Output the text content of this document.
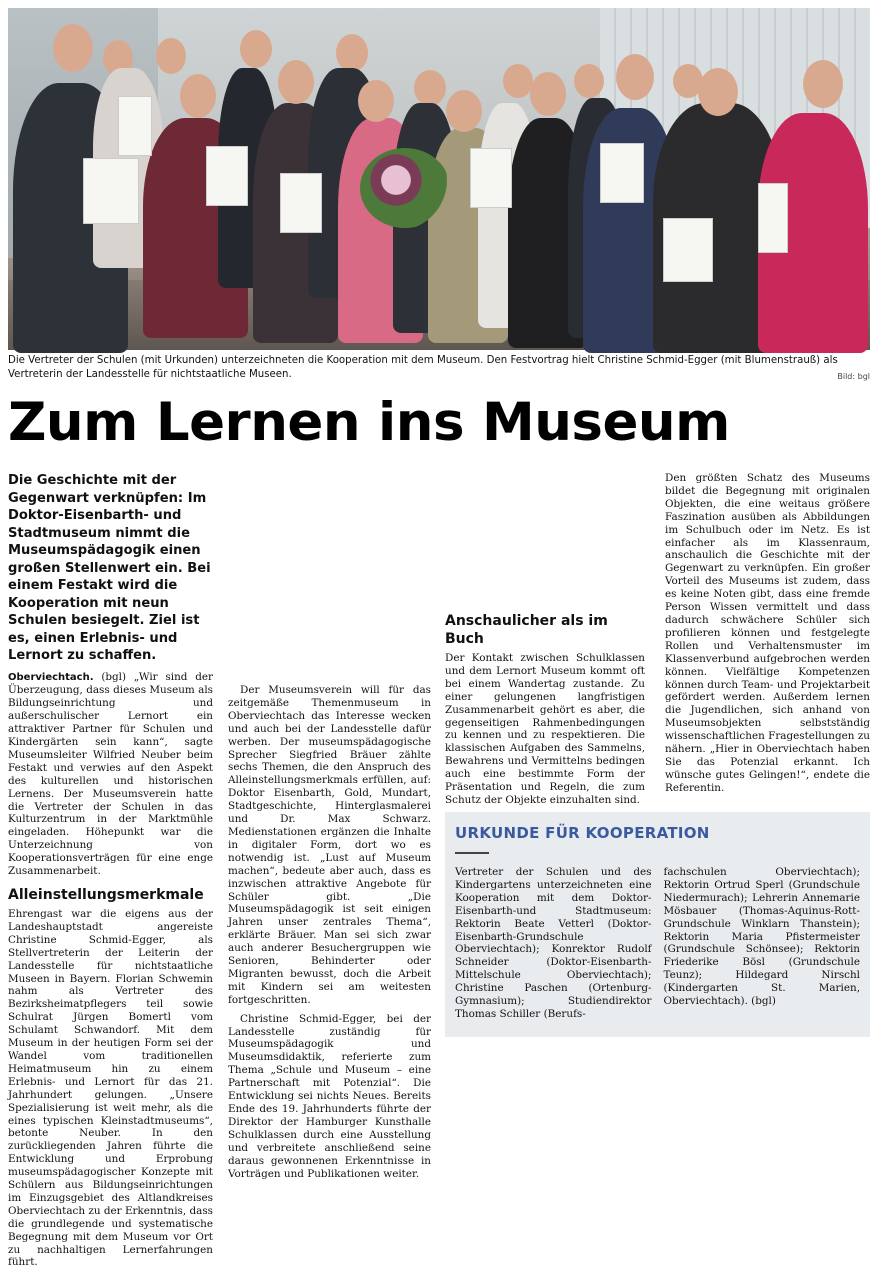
Die Vertreter der Schulen (mit Urkunden) unterzeichneten die Kooperation mit dem Museum. Den Festvortrag hielt Christine Schmid-Egger (mit Blumenstrauß) als Vertreterin der Landesstelle für nichtstaatliche Museen.	Bild: bgl
Zum Lernen ins Museum
Die Geschichte mit der Gegenwart verknüpfen: Im Doktor-Eisenbarth- und Stadtmuseum nimmt die Museumspädagogik einen großen Stellenwert ein. Bei einem Festakt wird die Kooperation mit neun Schulen besiegelt. Ziel ist es, einen Erlebnis- und Lernort zu schaffen.

Oberviechtach. (bgl) „Wir sind der Überzeugung, dass dieses Museum als Bildungseinrichtung und außerschulischer Lernort ein attraktiver Partner für Schulen und Kindergärten sein kann“, sagte Museumsleiter Wilfried Neuber beim Festakt und verwies auf den Aspekt des kulturellen und historischen Lernens. Der Museumsverein hatte die Vertreter der Schulen in das Kulturzentrum in der Marktmühle eingeladen. Höhepunkt war die Unterzeichnung von Kooperationsverträgen für eine enge Zusammenarbeit.

Alleinstellungsmerkmale

Ehrengast war die eigens aus der Landeshauptstadt angereiste Christine Schmid-Egger, als Stellvertreterin der Leiterin der Landesstelle für nichtstaatliche Museen in Bayern. Florian Schwemin nahm als Vertreter des Bezirksheimatpflegers teil sowie Schulrat Jürgen Bomertl vom Schulamt Schwandorf. Mit dem Museum in der heutigen Form sei der Wandel vom traditionellen Heimatmuseum hin zu einem Erlebnis- und Lernort für das 21. Jahrhundert gelungen. „Unsere Spezialisierung ist weit mehr, als die eines typischen Kleinstadtmuseums“, betonte Neuber. In den zurückliegenden Jahren führte die Entwicklung und Erprobung museumspädagogischer Konzepte mit Schülern aus Bildungseinrichtungen im Einzugsgebiet des Altlandkreises Oberviechtach zu der Erkenntnis, dass die grundlegende und systematische Begegnung mit dem Museum vor Ort zu nachhaltigen Lernerfahrungen führt.

Der Museumsverein will für das zeitgemäße Themenmuseum in Oberviechtach das Interesse wecken und auch bei der Landesstelle dafür werben. Der museumspädagogische Sprecher Siegfried Bräuer zählte sechs Themen, die den Anspruch des Alleinstellungsmerkmals erfüllen, auf: Doktor Eisenbarth, Gold, Mundart, Stadtgeschichte, Hinterglasmalerei und Dr. Max Schwarz. Medienstationen ergänzen die Inhalte in digitaler Form, dort wo es notwendig ist. „Lust auf Museum machen“, bedeute aber auch, dass es inzwischen attraktive Angebote für Schüler gibt. „Die Museumspädagogik ist seit einigen Jahren unser zentrales Thema“, erklärte Bräuer. Man sei sich zwar auch anderer Besuchergruppen wie Senioren, Behinderter oder Migranten bewusst, doch die Arbeit mit Kindern sei am weitesten fortgeschritten.

Christine Schmid-Egger, bei der Landesstelle zuständig für Museumspädagogik und Museumsdidaktik, referierte zum Thema „Schule und Museum – eine Partnerschaft mit Potenzial“. Die Entwicklung sei nichts Neues. Bereits Ende des 19. Jahrhunderts führte der Direktor der Hamburger Kunsthalle Schulklassen durch eine Ausstellung und verbreitete anschließend seine daraus gewonnenen Erkenntnisse in Vorträgen und Publikationen weiter.

Anschaulicher als im Buch

Der Kontakt zwischen Schulklassen und dem Lernort Museum kommt oft bei einem Wandertag zustande. Zu einer gelungenen langfristigen Zusammenarbeit gehört es aber, die gegenseitigen Rahmenbedingungen zu kennen und zu respektieren. Die klassischen Aufgaben des Sammelns, Bewahrens und Vermittelns bedingen auch eine bestimmte Form der Präsentation und Regeln, die zum Schutz der Objekte einzuhalten sind.

Den größten Schatz des Museums bildet die Begegnung mit originalen Objekten, die eine weitaus größere Faszination ausüben als Abbildungen im Schulbuch oder im Netz. Es ist einfacher als im Klassenraum, anschaulich die Geschichte mit der Gegenwart zu verknüpfen. Ein großer Vorteil des Museums ist zudem, dass es keine Noten gibt, dass eine fremde Person Wissen vermittelt und dass dadurch schwächere Schüler sich profilieren können und festgelegte Rollen und Verhaltensmuster im Klassenverbund aufgebrochen werden können. Vielfältige Kompetenzen können durch Team- und Projektarbeit gefördert werden. Außerdem lernen die Jugendlichen, sich anhand von Museumsobjekten selbstständig wissenschaftlichen Fragestellungen zu nähern. „Hier in Oberviechtach haben Sie das Potenzial erkannt. Ich wünsche gutes Gelingen!“, endete die Referentin.

URKUNDE FÜR KOOPERATION
Vertreter der Schulen und des Kindergartens unterzeichneten eine Kooperation mit dem Doktor-Eisenbarth-und Stadtmuseum: Rektorin Beate Vetterl (Doktor-Eisenbarth-Grundschule Oberviechtach); Konrektor Rudolf Schneider (Doktor-Eisenbarth-Mittelschule Oberviechtach); Christine Paschen (Ortenburg-Gymnasium); Studiendirektor Thomas Schiller (Berufs-
fachschulen Oberviechtach); Rektorin Ortrud Sperl (Grundschule Niedermurach); Lehrerin Annemarie Mösbauer (Thomas-Aquinus-Rott-Grundschule Winklarn Thanstein); Rektorin Maria Pfistermeister (Grundschule Schönsee); Rektorin Friederike Bösl (Grundschule Teunz); Hildegard Nirschl (Kindergarten St. Marien, Oberviechtach). (bgl)
